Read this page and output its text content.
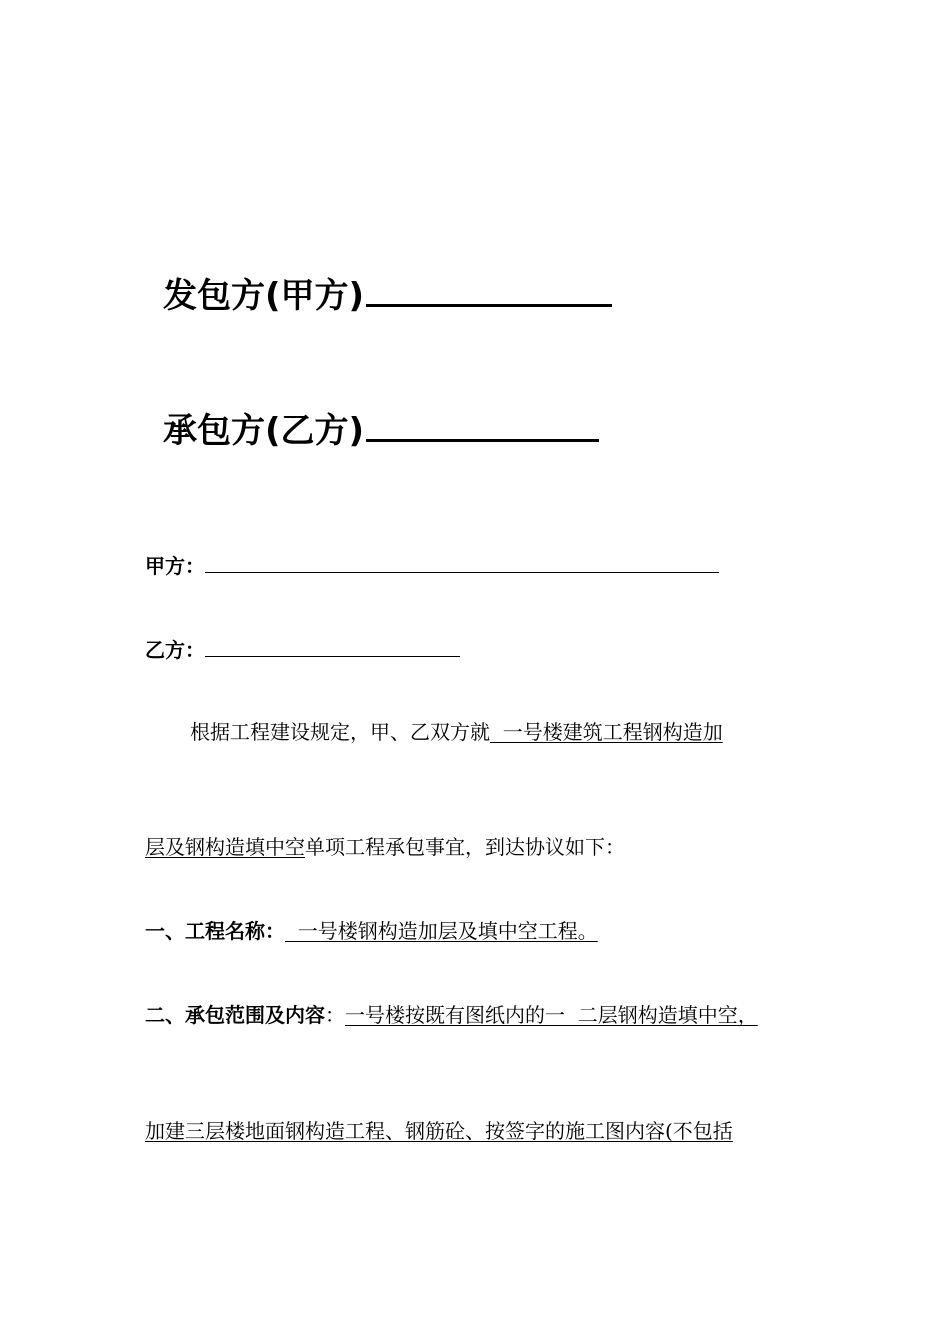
发包方(甲方)
承包方(乙方)
甲方：
乙方：
根据工程建设规定，甲、乙双方就  一号楼建筑工程钢构造加
层及钢构造填中空单项工程承包事宜，到达协议如下：
一、工程名称：  一号楼钢构造加层及填中空工程。
二、承包范围及内容：一号楼按既有图纸内的一  二层钢构造填中空，
加建三层楼地面钢构造工程、钢筋砼、按签字的施工图内容(不包括
